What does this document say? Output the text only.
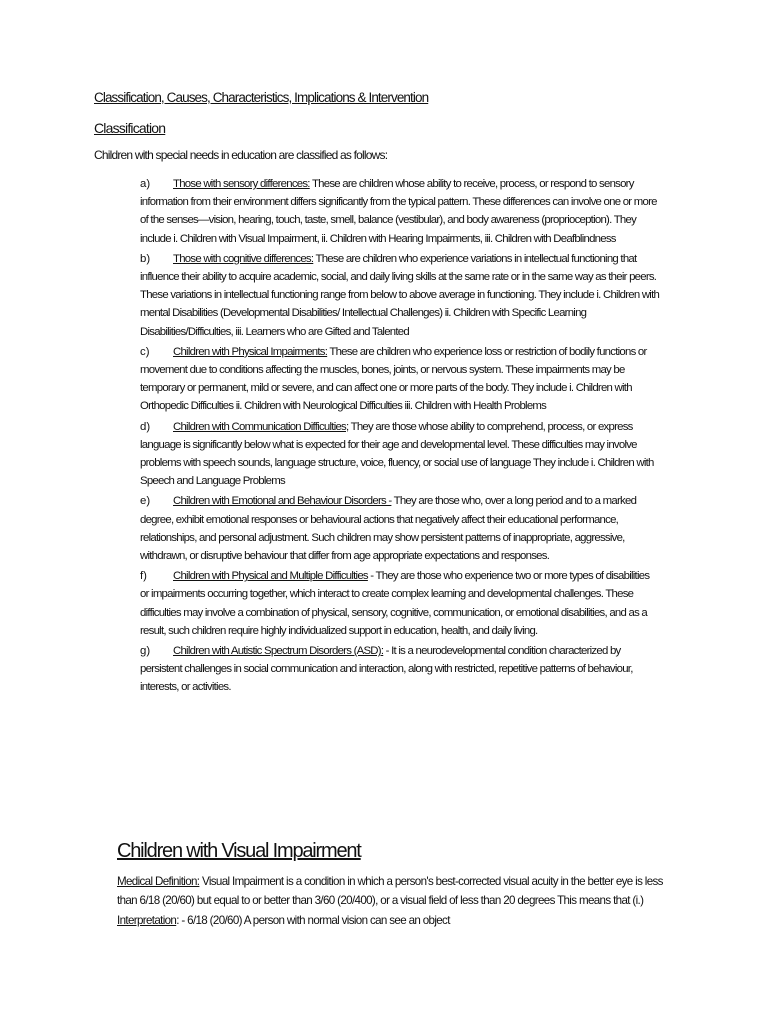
Classification, Causes, Characteristics, Implications & Intervention
Classification
Children with special needs in education are classified as follows:
a) Those with sensory differences: These are children whose ability to receive, process, or respond to sensory information from their environment differs significantly from the typical pattern. These differences can involve one or more of the senses—vision, hearing, touch, taste, smell, balance (vestibular), and body awareness (proprioception). They include i. Children with Visual Impairment, ii. Children with Hearing Impairments, iii. Children with Deafblindness
b) Those with cognitive differences: These are children who experience variations in intellectual functioning that influence their ability to acquire academic, social, and daily living skills at the same rate or in the same way as their peers. These variations in intellectual functioning range from below to above average in functioning. They include i. Children with mental Disabilities (Developmental Disabilities/ Intellectual Challenges) ii. Children with Specific Learning Disabilities/Difficulties, iii. Learners who are Gifted and Talented
c) Children with Physical Impairments: These are children who experience loss or restriction of bodily functions or movement due to conditions affecting the muscles, bones, joints, or nervous system. These impairments may be temporary or permanent, mild or severe, and can affect one or more parts of the body. They include i. Children with Orthopedic Difficulties ii. Children with Neurological Difficulties iii. Children with Health Problems
d) Children with Communication Difficulties; They are those whose ability to comprehend, process, or express language is significantly below what is expected for their age and developmental level. These difficulties may involve problems with speech sounds, language structure, voice, fluency, or social use of language They include i. Children with Speech and Language Problems
e) Children with Emotional and Behaviour Disorders - They are those who, over a long period and to a marked degree, exhibit emotional responses or behavioural actions that negatively affect their educational performance, relationships, and personal adjustment. Such children may show persistent patterns of inappropriate, aggressive, withdrawn, or disruptive behaviour that differ from age appropriate expectations and responses.
f) Children with Physical and Multiple Difficulties - They are those who experience two or more types of disabilities or impairments occurring together, which interact to create complex learning and developmental challenges. These difficulties may involve a combination of physical, sensory, cognitive, communication, or emotional disabilities, and as a result, such children require highly individualized support in education, health, and daily living.
g) Children with Autistic Spectrum Disorders (ASD): - It is a neurodevelopmental condition characterized by persistent challenges in social communication and interaction, along with restricted, repetitive patterns of behaviour, interests, or activities.
Children with Visual Impairment
Medical Definition: Visual Impairment is a condition in which a person's best-corrected visual acuity in the better eye is less than 6/18 (20/60) but equal to or better than 3/60 (20/400), or a visual field of less than 20 degrees This means that (i.) Interpretation: - 6/18 (20/60) A person with normal vision can see an object
